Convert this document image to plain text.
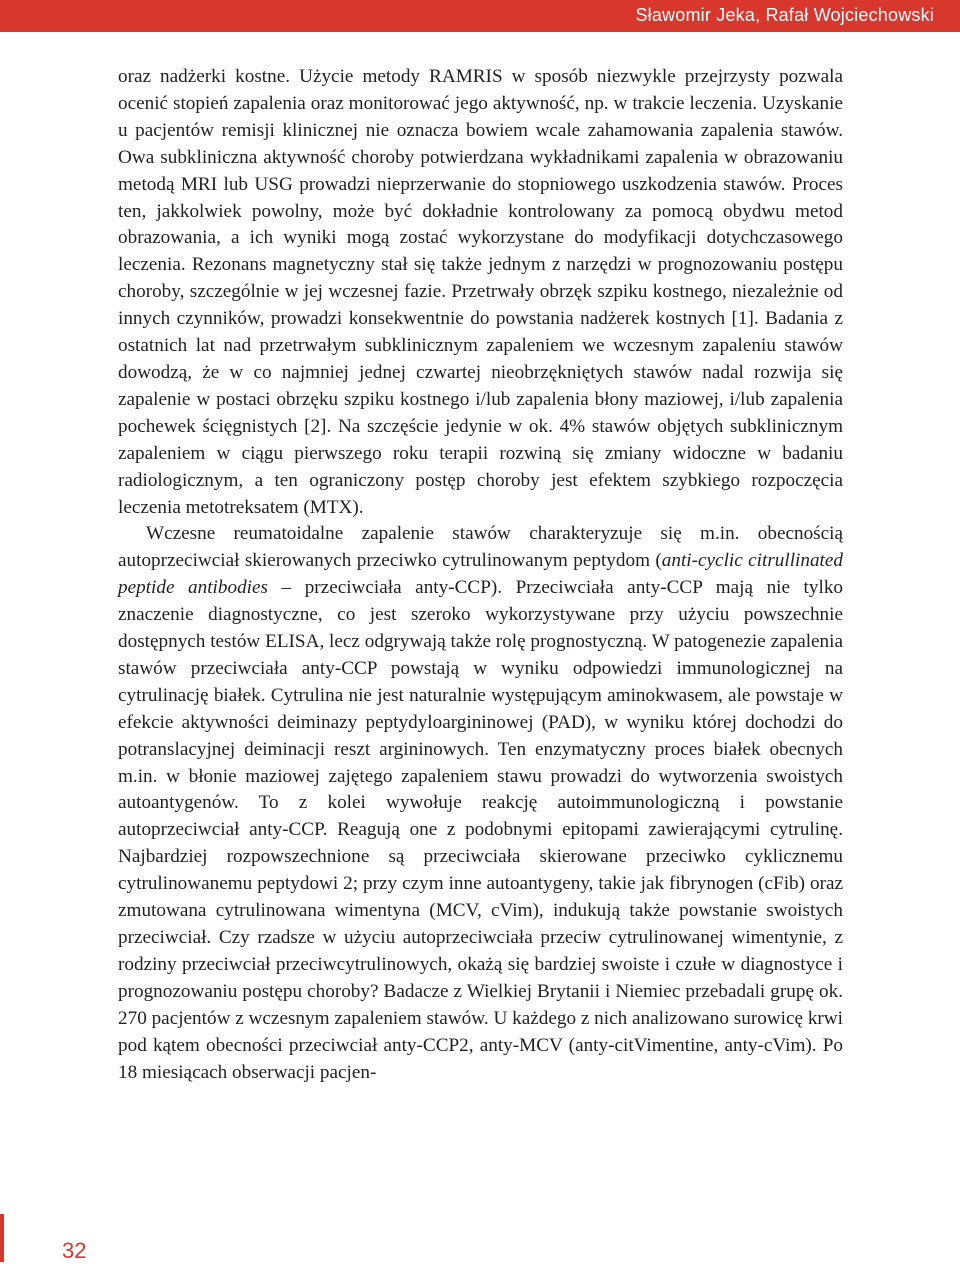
Sławomir Jeka, Rafał Wojciechowski

oraz nadżerki kostne. Użycie metody RAMRIS w sposób niezwykle przejrzysty pozwala ocenić stopień zapalenia oraz monitorować jego aktywność, np. w trakcie leczenia. Uzyskanie u pacjentów remisji klinicznej nie oznacza bowiem wcale zahamowania zapalenia stawów. Owa subkliniczna aktywność choroby potwierdzana wykładnikami zapalenia w obrazowaniu metodą MRI lub USG prowadzi nieprzerwanie do stopniowego uszkodzenia stawów. Proces ten, jakkolwiek powolny, może być dokładnie kontrolowany za pomocą obydwu metod obrazowania, a ich wyniki mogą zostać wykorzystane do modyfikacji dotychczasowego leczenia. Rezonans magnetyczny stał się także jednym z narzędzi w prognozowaniu postępu choroby, szczególnie w jej wczesnej fazie. Przetrwały obrzęk szpiku kostnego, niezależnie od innych czynników, prowadzi konsekwentnie do powstania nadżerek kostnych [1]. Badania z ostatnich lat nad przetrwałym subklinicznym zapaleniem we wczesnym zapaleniu stawów dowodzą, że w co najmniej jednej czwartej nieobrzękniętych stawów nadal rozwija się zapalenie w postaci obrzęku szpiku kostnego i/lub zapalenia błony maziowej, i/lub zapalenia pochewek ścięgnistych [2]. Na szczęście jedynie w ok. 4% stawów objętych subklinicznym zapaleniem w ciągu pierwszego roku terapii rozwiną się zmiany widoczne w badaniu radiologicznym, a ten ograniczony postęp choroby jest efektem szybkiego rozpoczęcia leczenia metotreksatem (MTX).

Wczesne reumatoidalne zapalenie stawów charakteryzuje się m.in. obecnością autoprzeciwciał skierowanych przeciwko cytrulinowanym peptydom (anti-cyclic citrullinated peptide antibodies – przeciwciała anty-CCP). Przeciwciała anty-CCP mają nie tylko znaczenie diagnostyczne, co jest szeroko wykorzystywane przy użyciu powszechnie dostępnych testów ELISA, lecz odgrywają także rolę prognostyczną. W patogenezie zapalenia stawów przeciwciała anty-CCP powstają w wyniku odpowiedzi immunologicznej na cytrulinację białek. Cytrulina nie jest naturalnie występującym aminokwasem, ale powstaje w efekcie aktywności deiminazy peptydyloargininowej (PAD), w wyniku której dochodzi do potranslacyjnej deiminacji reszt argininowych. Ten enzymatyczny proces białek obecnych m.in. w błonie maziowej zajętego zapaleniem stawu prowadzi do wytworzenia swoistych autoantygenów. To z kolei wywołuje reakcję autoimmunologiczną i powstanie autoprzeciwciał anty-CCP. Reagują one z podobnymi epitopami zawierającymi cytrulinę. Najbardziej rozpowszechnione są przeciwciała skierowane przeciwko cyklicznemu cytrulinowanemu peptydowi 2; przy czym inne autoantygeny, takie jak fibrynogen (cFib) oraz zmutowana cytrulinowana wimentyna (MCV, cVim), indukują także powstanie swoistych przeciwciał. Czy rzadsze w użyciu autoprzeciwciała przeciw cytrulinowanej wimentynie, z rodziny przeciwciał przeciwcytrulinowych, okażą się bardziej swoiste i czułe w diagnostyce i prognozowaniu postępu choroby? Badacze z Wielkiej Brytanii i Niemiec przebadali grupę ok. 270 pacjentów z wczesnym zapaleniem stawów. U każdego z nich analizowano surowicę krwi pod kątem obecności przeciwciał anty-CCP2, anty-MCV (anty-citVimentine, anty-cVim). Po 18 miesiącach obserwacji pacjen-

32
